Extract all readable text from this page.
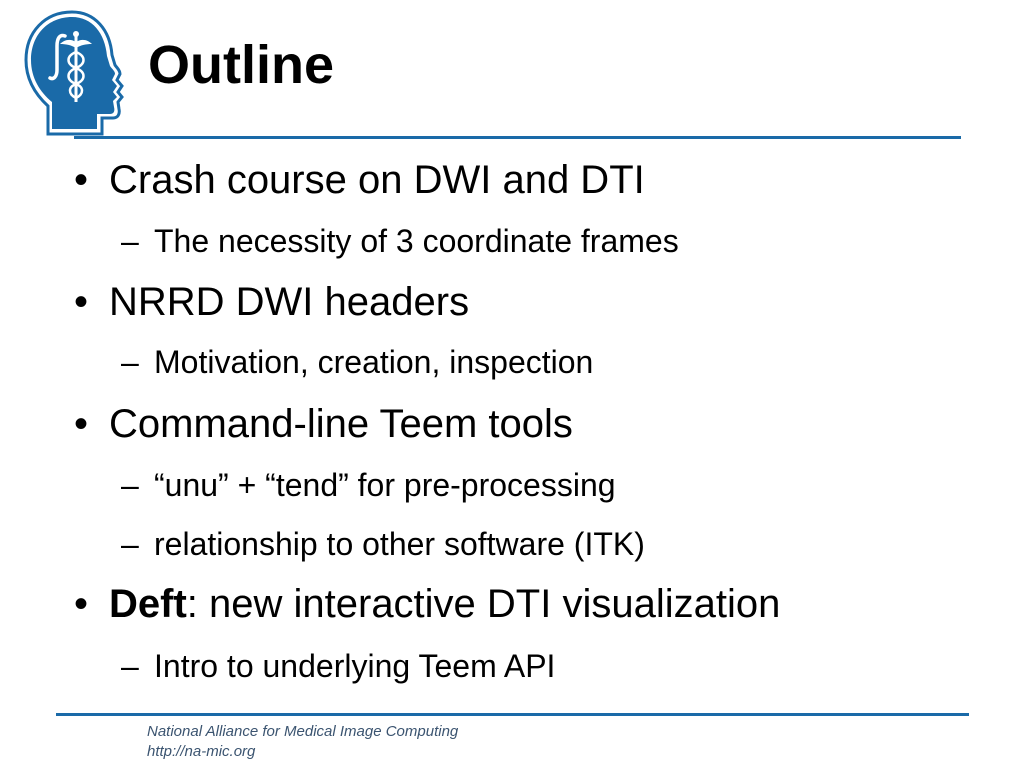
Outline
• Crash course on DWI and DTI
– The necessity of 3 coordinate frames
• NRRD DWI headers
– Motivation, creation, inspection
• Command-line Teem tools
– “unu” + “tend” for pre-processing
– relationship to other software (ITK)
• Deft: new interactive DTI visualization
– Intro to underlying Teem API
National Alliance for Medical Image Computing
http://na-mic.org
